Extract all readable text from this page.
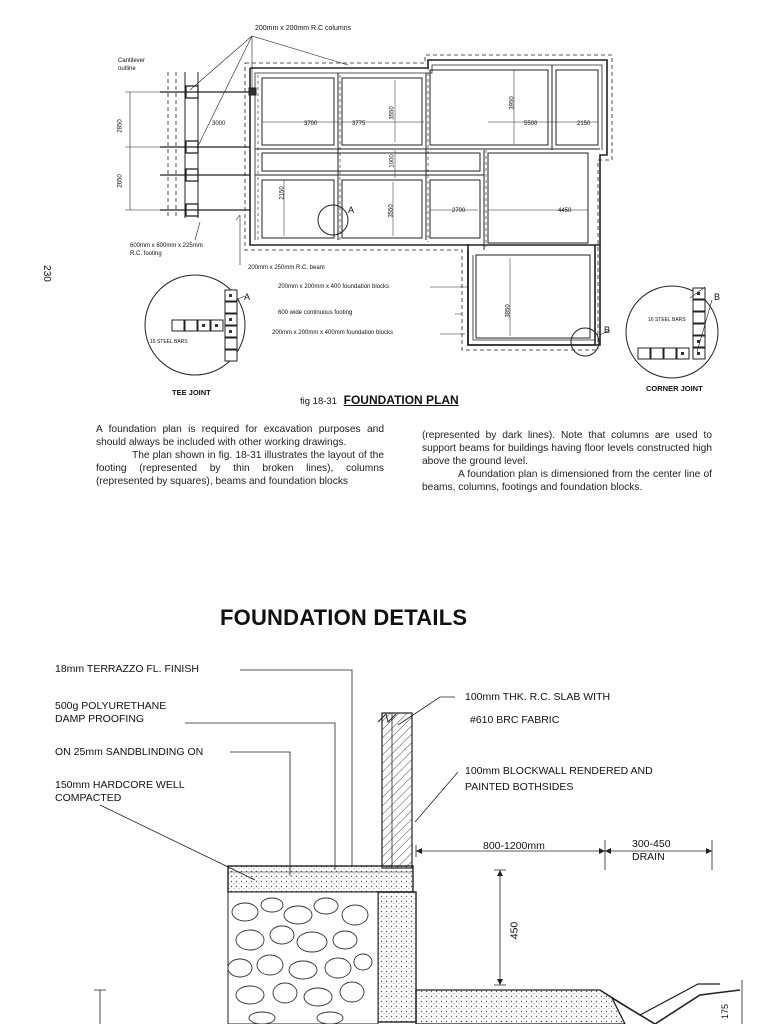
200mm x 200mm R.C columns
Cantilever
outline
2850
2650
3000	3700	3775
3550
3950
5500	2150
1000
2150
3550	2700	4450
3850
A
B
600mm x 600mm x 225mm
R.C. footing
200mm x 250mm R.C. beam
200mm x 200mm x 400 foundation blocks
600 wide continuous footing
200mm x 200mm x 400mm foundation blocks
A
16 STEEL BARS
TEE JOINT
B
16 STEEL BARS
CORNER JOINT
230
fig 18-31 FOUNDATION PLAN

A foundation plan is required for excavation purposes and should always be included with other working drawings.

The plan shown in fig. 18-31 illustrates the layout of the footing (represented by thin broken lines), columns (represented by squares), beams and foundation blocks

(represented by dark lines). Note that columns are used to support beams for buildings having floor levels constructed high above the ground level.

A foundation plan is dimensioned from the center line of beams, columns, footings and foundation blocks.

FOUNDATION DETAILS
18mm TERRAZZO FL. FINISH
500g POLYURETHANE
DAMP PROOFING
ON 25mm SANDBLINDING ON
150mm HARDCORE WELL
COMPACTED
100mm THK. R.C. SLAB WITH
#610 BRC FABRIC
100mm BLOCKWALL RENDERED AND
PAINTED BOTHSIDES
800-1200mm	300-450
DRAIN
450
175
